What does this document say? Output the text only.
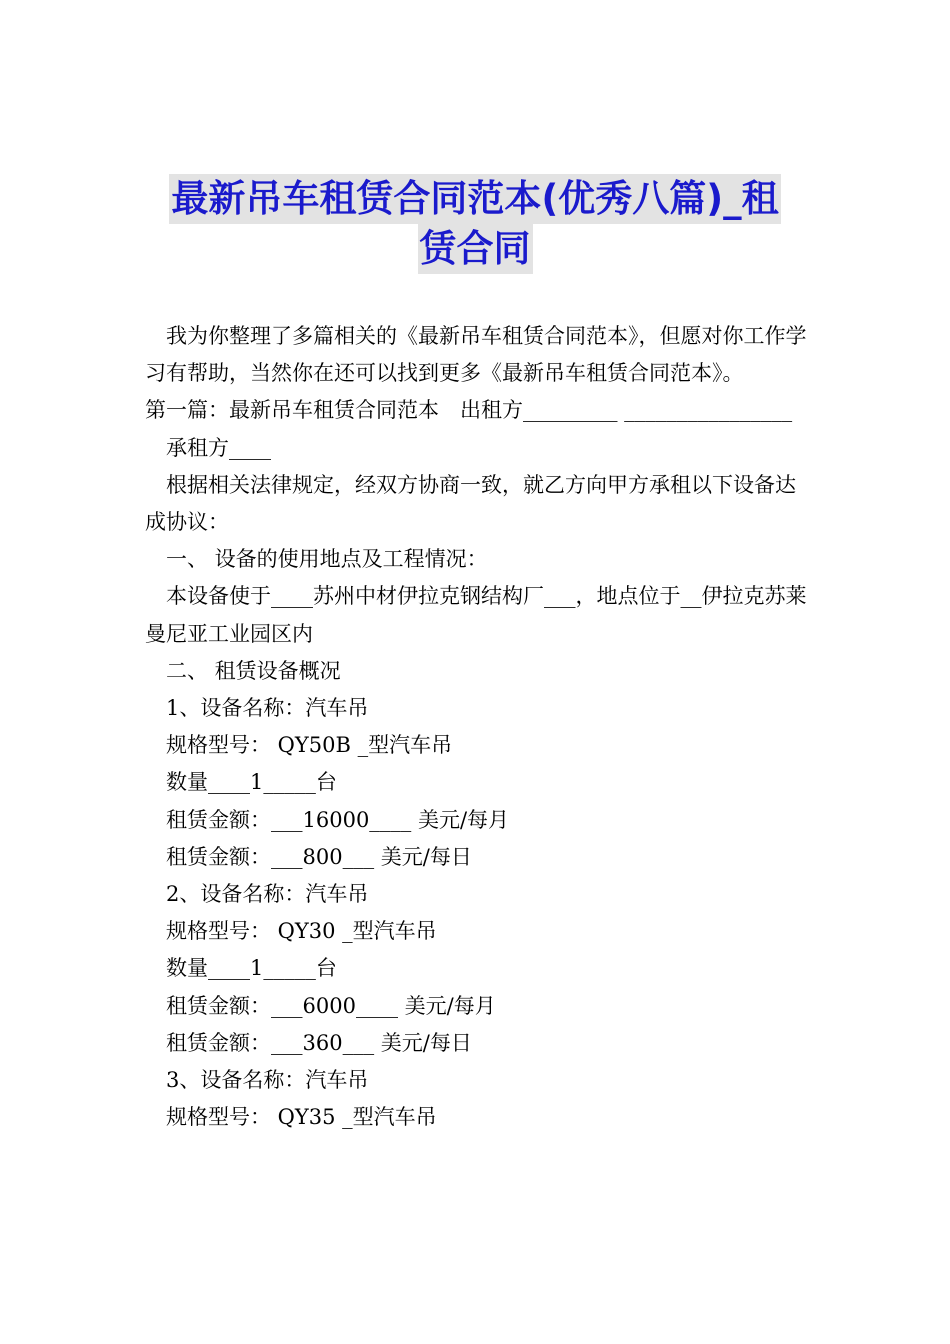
最新吊车租赁合同范本(优秀八篇)_租
赁合同

我为你整理了多篇相关的《最新吊车租赁合同范本》，但愿对你工作学习有帮助，当然你在还可以找到更多《最新吊车租赁合同范本》。

第一篇：最新吊车租赁合同范本　出租方_________ ________________

承租方____

根据相关法律规定，经双方协商一致，就乙方向甲方承租以下设备达成协议：

一、 设备的使用地点及工程情况：

本设备使于____苏州中材伊拉克钢结构厂___，地点位于__伊拉克苏莱曼尼亚工业园区内

二、 租赁设备概况

1、设备名称：汽车吊

规格型号： QY50B _型汽车吊

数量____1_____台

租赁金额：___16000____ 美元/每月

租赁金额：___800___ 美元/每日

2、设备名称：汽车吊

规格型号： QY30 _型汽车吊

数量____1_____台

租赁金额：___6000____ 美元/每月

租赁金额：___360___ 美元/每日

3、设备名称：汽车吊

规格型号： QY35 _型汽车吊
